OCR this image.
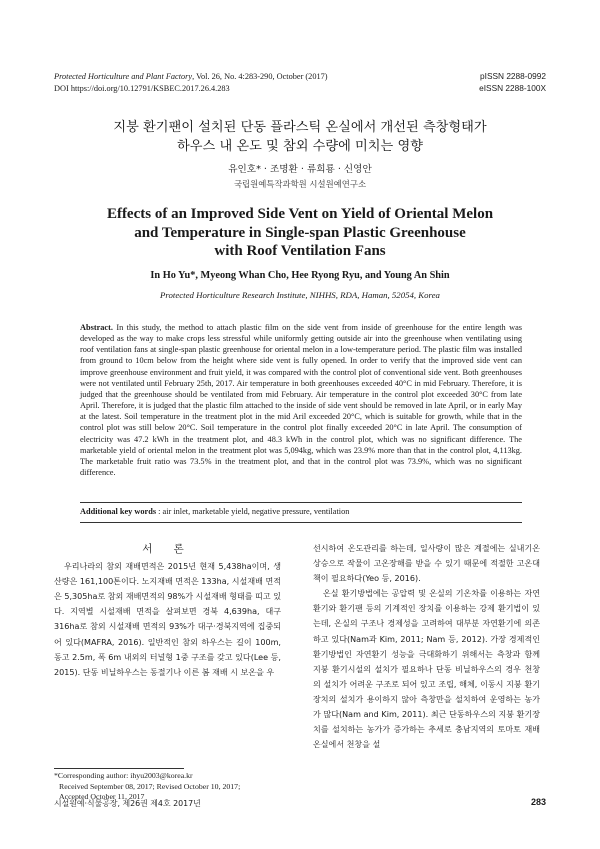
Protected Horticulture and Plant Factory, Vol. 26, No. 4:283-290, October (2017)
DOI https://doi.org/10.12791/KSBEC.2017.26.4.283
pISSN 2288-0992
eISSN 2288-100X
지붕 환기팬이 설치된 단동 플라스틱 온실에서 개선된 측창형태가
하우스 내 온도 및 참외 수량에 미치는 영향
유인호* · 조명환 · 류희룡 · 신영안
국립원예특작과학원 시설원예연구소
Effects of an Improved Side Vent on Yield of Oriental Melon
and Temperature in Single-span Plastic Greenhouse
with Roof Ventilation Fans
In Ho Yu*, Myeong Whan Cho, Hee Ryong Ryu, and Young An Shin
Protected Horticulture Research Institute, NIHHS, RDA, Haman, 52054, Korea
Abstract. In this study, the method to attach plastic film on the side vent from inside of greenhouse for the entire length was developed as the way to make crops less stressful while uniformly getting outside air into the greenhouse when ventilating using roof ventilation fans at single-span plastic greenhouse for oriental melon in a low-temperature period. The plastic film was installed from ground to 10cm below from the height where side vent is fully opened. In order to verify that the improved side vent can improve greenhouse environment and fruit yield, it was compared with the control plot of conventional side vent. Both greenhouses were not ventilated until February 25th, 2017. Air temperature in both greenhouses exceeded 40°C in mid February. Therefore, it is judged that the greenhouse should be ventilated from mid February. Air temperature in the control plot exceeded 30°C from late April. Therefore, it is judged that the plastic film attached to the inside of side vent should be removed in late April, or in early May at the latest. Soil temperature in the treatment plot in the mid Aril exceeded 20°C, which is suitable for growth, while that in the control plot was still below 20°C. Soil temperature in the control plot finally exceeded 20°C in late April. The consumption of electricity was 47.2 kWh in the treatment plot, and 48.3 kWh in the control plot, which was no significant difference. The marketable yield of oriental melon in the treatment plot was 5,094kg, which was 23.9% more than that in the control plot, 4,113kg. The marketable fruit ratio was 73.5% in the treatment plot, and that in the control plot was 73.9%, which was no significant difference.
Additional key words : air inlet, marketable yield, negative pressure, ventilation

서 론

우리나라의 참외 재배면적은 2015년 현재 5,438ha이며, 생산량은 161,100톤이다. 노지재배 면적은 133ha, 시설재배 면적은 5,305ha로 참외 재배면적의 98%가 시설재배 형태를 띠고 있다. 지역별 시설재배 면적을 살펴보면 경북 4,639ha, 대구 316ha로 참외 시설재배 면적의 93%가 대구·경북지역에 집중되어 있다(MAFRA, 2016). 일반적인 참외 하우스는 길이 100m, 동고 2.5m, 폭 6m 내외의 터널형 1중 구조를 갖고 있다(Lee 등, 2015). 단동 비닐하우스는 동절기나 이른 봄 재배 시 보온을 우

선시하여 온도관리를 하는데, 일사량이 많은 계절에는 실내기온 상승으로 작물이 고온장해를 받을 수 있기 때문에 적절한 고온대책이 필요하다(Yeo 등, 2016).

온실 환기방법에는 공압력 및 온실의 기온차를 이용하는 자연환기와 환기팬 등의 기계적인 장치를 이용하는 강제 환기법이 있는데, 온실의 구조나 경제성을 고려하여 대부분 자연환기에 의존하고 있다(Nam과 Kim, 2011; Nam 등, 2012). 가장 경제적인 환기방법인 자연환기 성능을 극대화하기 위해서는 측창과 함께 지붕 환기시설의 설치가 필요하나 단동 비닐하우스의 경우 천창의 설치가 어려운 구조로 되어 있고 조립, 해체, 이동시 지붕 환기장치의 설치가 용이하지 않아 측창만을 설치하여 운영하는 농가가 많다(Nam and Kim, 2011). 최근 단동하우스의 지붕 환기장치를 설치하는 농가가 증가하는 추세로 충남지역의 토마토 재배 온실에서 천창을 설

*Corresponding author: ihyu2003@korea.kr
Received September 08, 2017; Revised October 10, 2017;
Accepted October 11, 2017
시설원예·식물공장, 제26권 제4호 2017년	283
